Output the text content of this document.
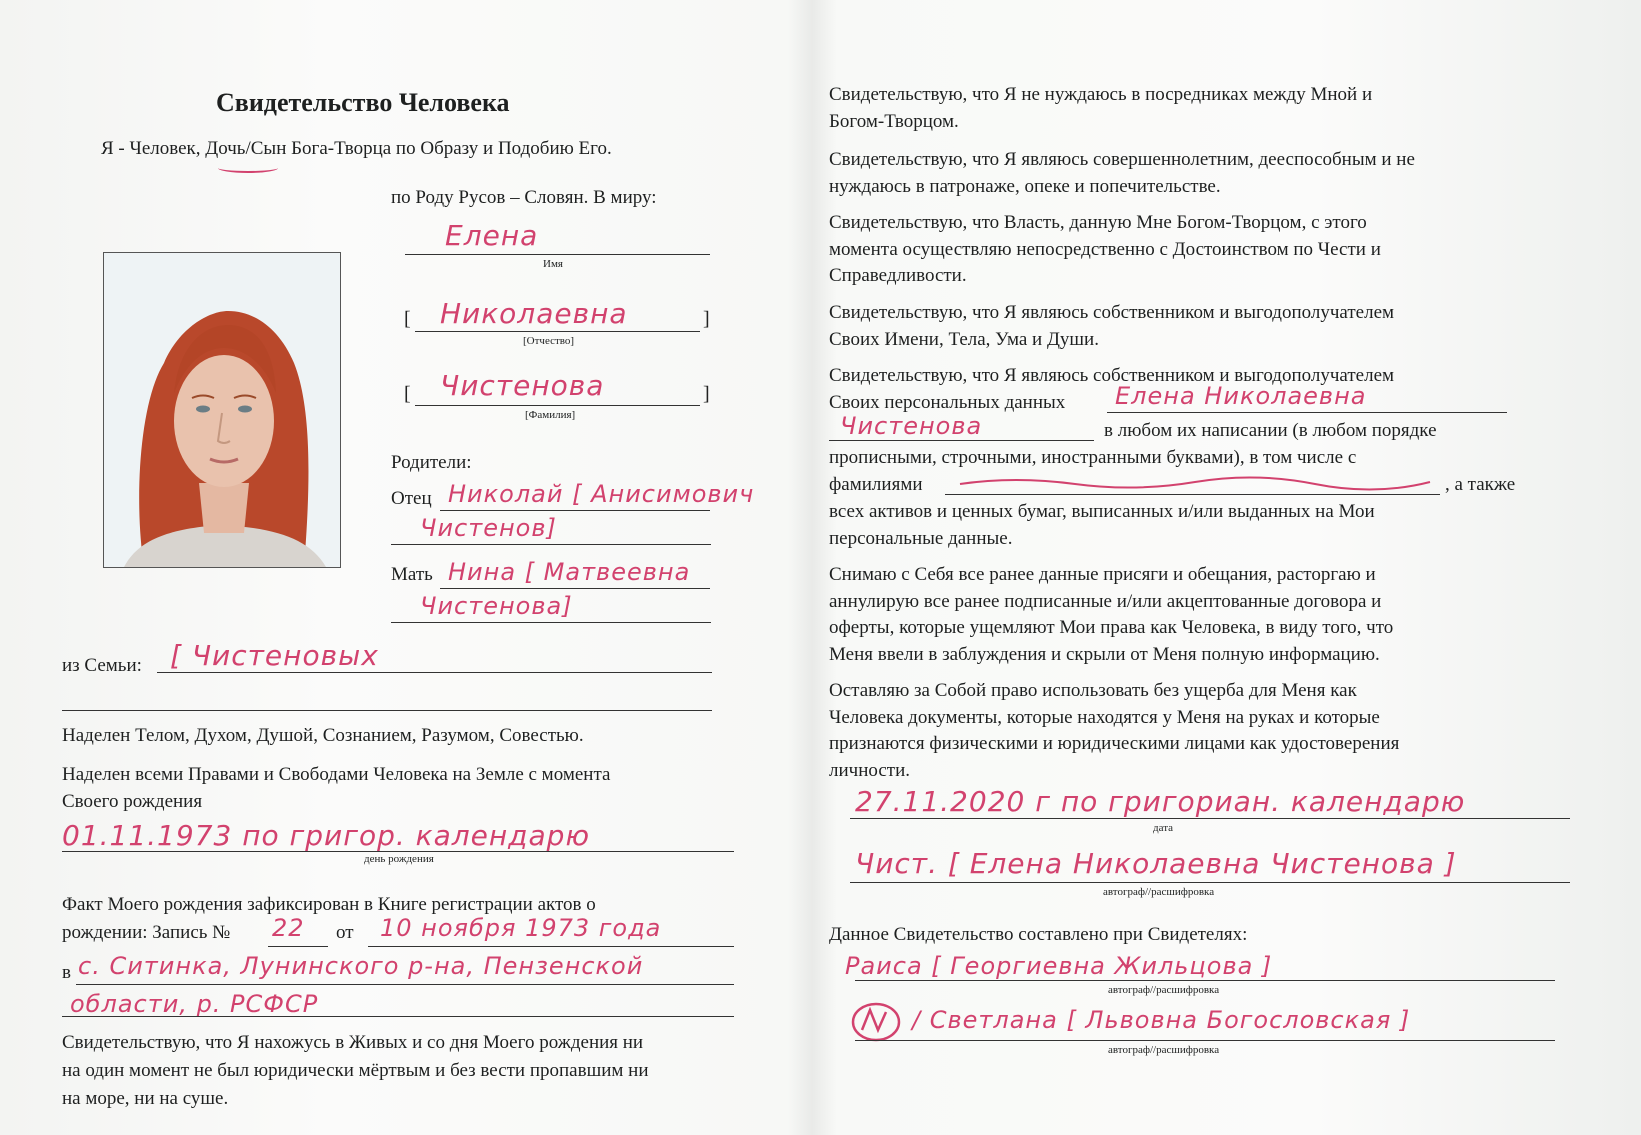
Свидетельство Человека
Я - Человек, Дочь/Сын Бога-Творца по Образу и Подобию Его.
по Роду Русов – Словян. В миру:
Елена
Имя
[ Николаевна	]
[Отчество]
[ Чистенова	]
[Фамилия]
Родители:
Отец Николай [ Анисимович
Чистенов]
Мать Нина [ Матвеевна
Чистенова]
из Семьи: [ Чистеновых
Наделен Телом, Духом, Душой, Сознанием, Разумом, Совестью.
Наделен всеми Правами и Свободами Человека на Земле с момента
Своего рождения
01.11.1973 по григор. календарю
день рождения
Факт Моего рождения зафиксирован в Книге регистрации актов о
рождении: Запись № 22 от 10 ноября 1973 года
в с. Ситинка, Лунинского р-на, Пензенской
области, р. РСФСР
Свидетельствую, что Я нахожусь в Живых и со дня Моего рождения ни
на один момент не был юридически мёртвым и без вести пропавшим ни
на море, ни на суше.
Свидетельствую, что Я не нуждаюсь в посредниках между Мной и
Богом-Творцом.
Свидетельствую, что Я являюсь совершеннолетним, дееспособным и не
нуждаюсь в патронаже, опеке и попечительстве.
Свидетельствую, что Власть, данную Мне Богом-Творцом, с этого
момента осуществляю непосредственно с Достоинством по Чести и
Справедливости.
Свидетельствую, что Я являюсь собственником и выгодополучателем
Своих Имени, Тела, Ума и Души.
Свидетельствую, что Я являюсь собственником и выгодополучателем
Своих персональных данных Елена Николаевна
Чистенова	в любом их написании (в любом порядке
прописными, строчными, иностранными буквами), в том числе с
фамилиями	, а также
всех активов и ценных бумаг, выписанных и/или выданных на Мои
персональные данные.
Снимаю с Себя все ранее данные присяги и обещания, расторгаю и
аннулирую все ранее подписанные и/или акцептованные договора и
оферты, которые ущемляют Мои права как Человека, в виду того, что
Меня ввели в заблуждения и скрыли от Меня полную информацию.
Оставляю за Собой право использовать без ущерба для Меня как
Человека документы, которые находятся у Меня на руках и которые
признаются физическими и юридическими лицами как удостоверения
личности.
27.11.2020 г по григориан. календарю
дата
Чист. [ Елена Николаевна Чистенова ]
автограф//расшифровка
Данное Свидетельство составлено при Свидетелях:
Раиса [ Георгиевна Жильцова ]
автограф//расшифровка
/ Светлана [ Львовна Богословская ]
автограф//расшифровка
